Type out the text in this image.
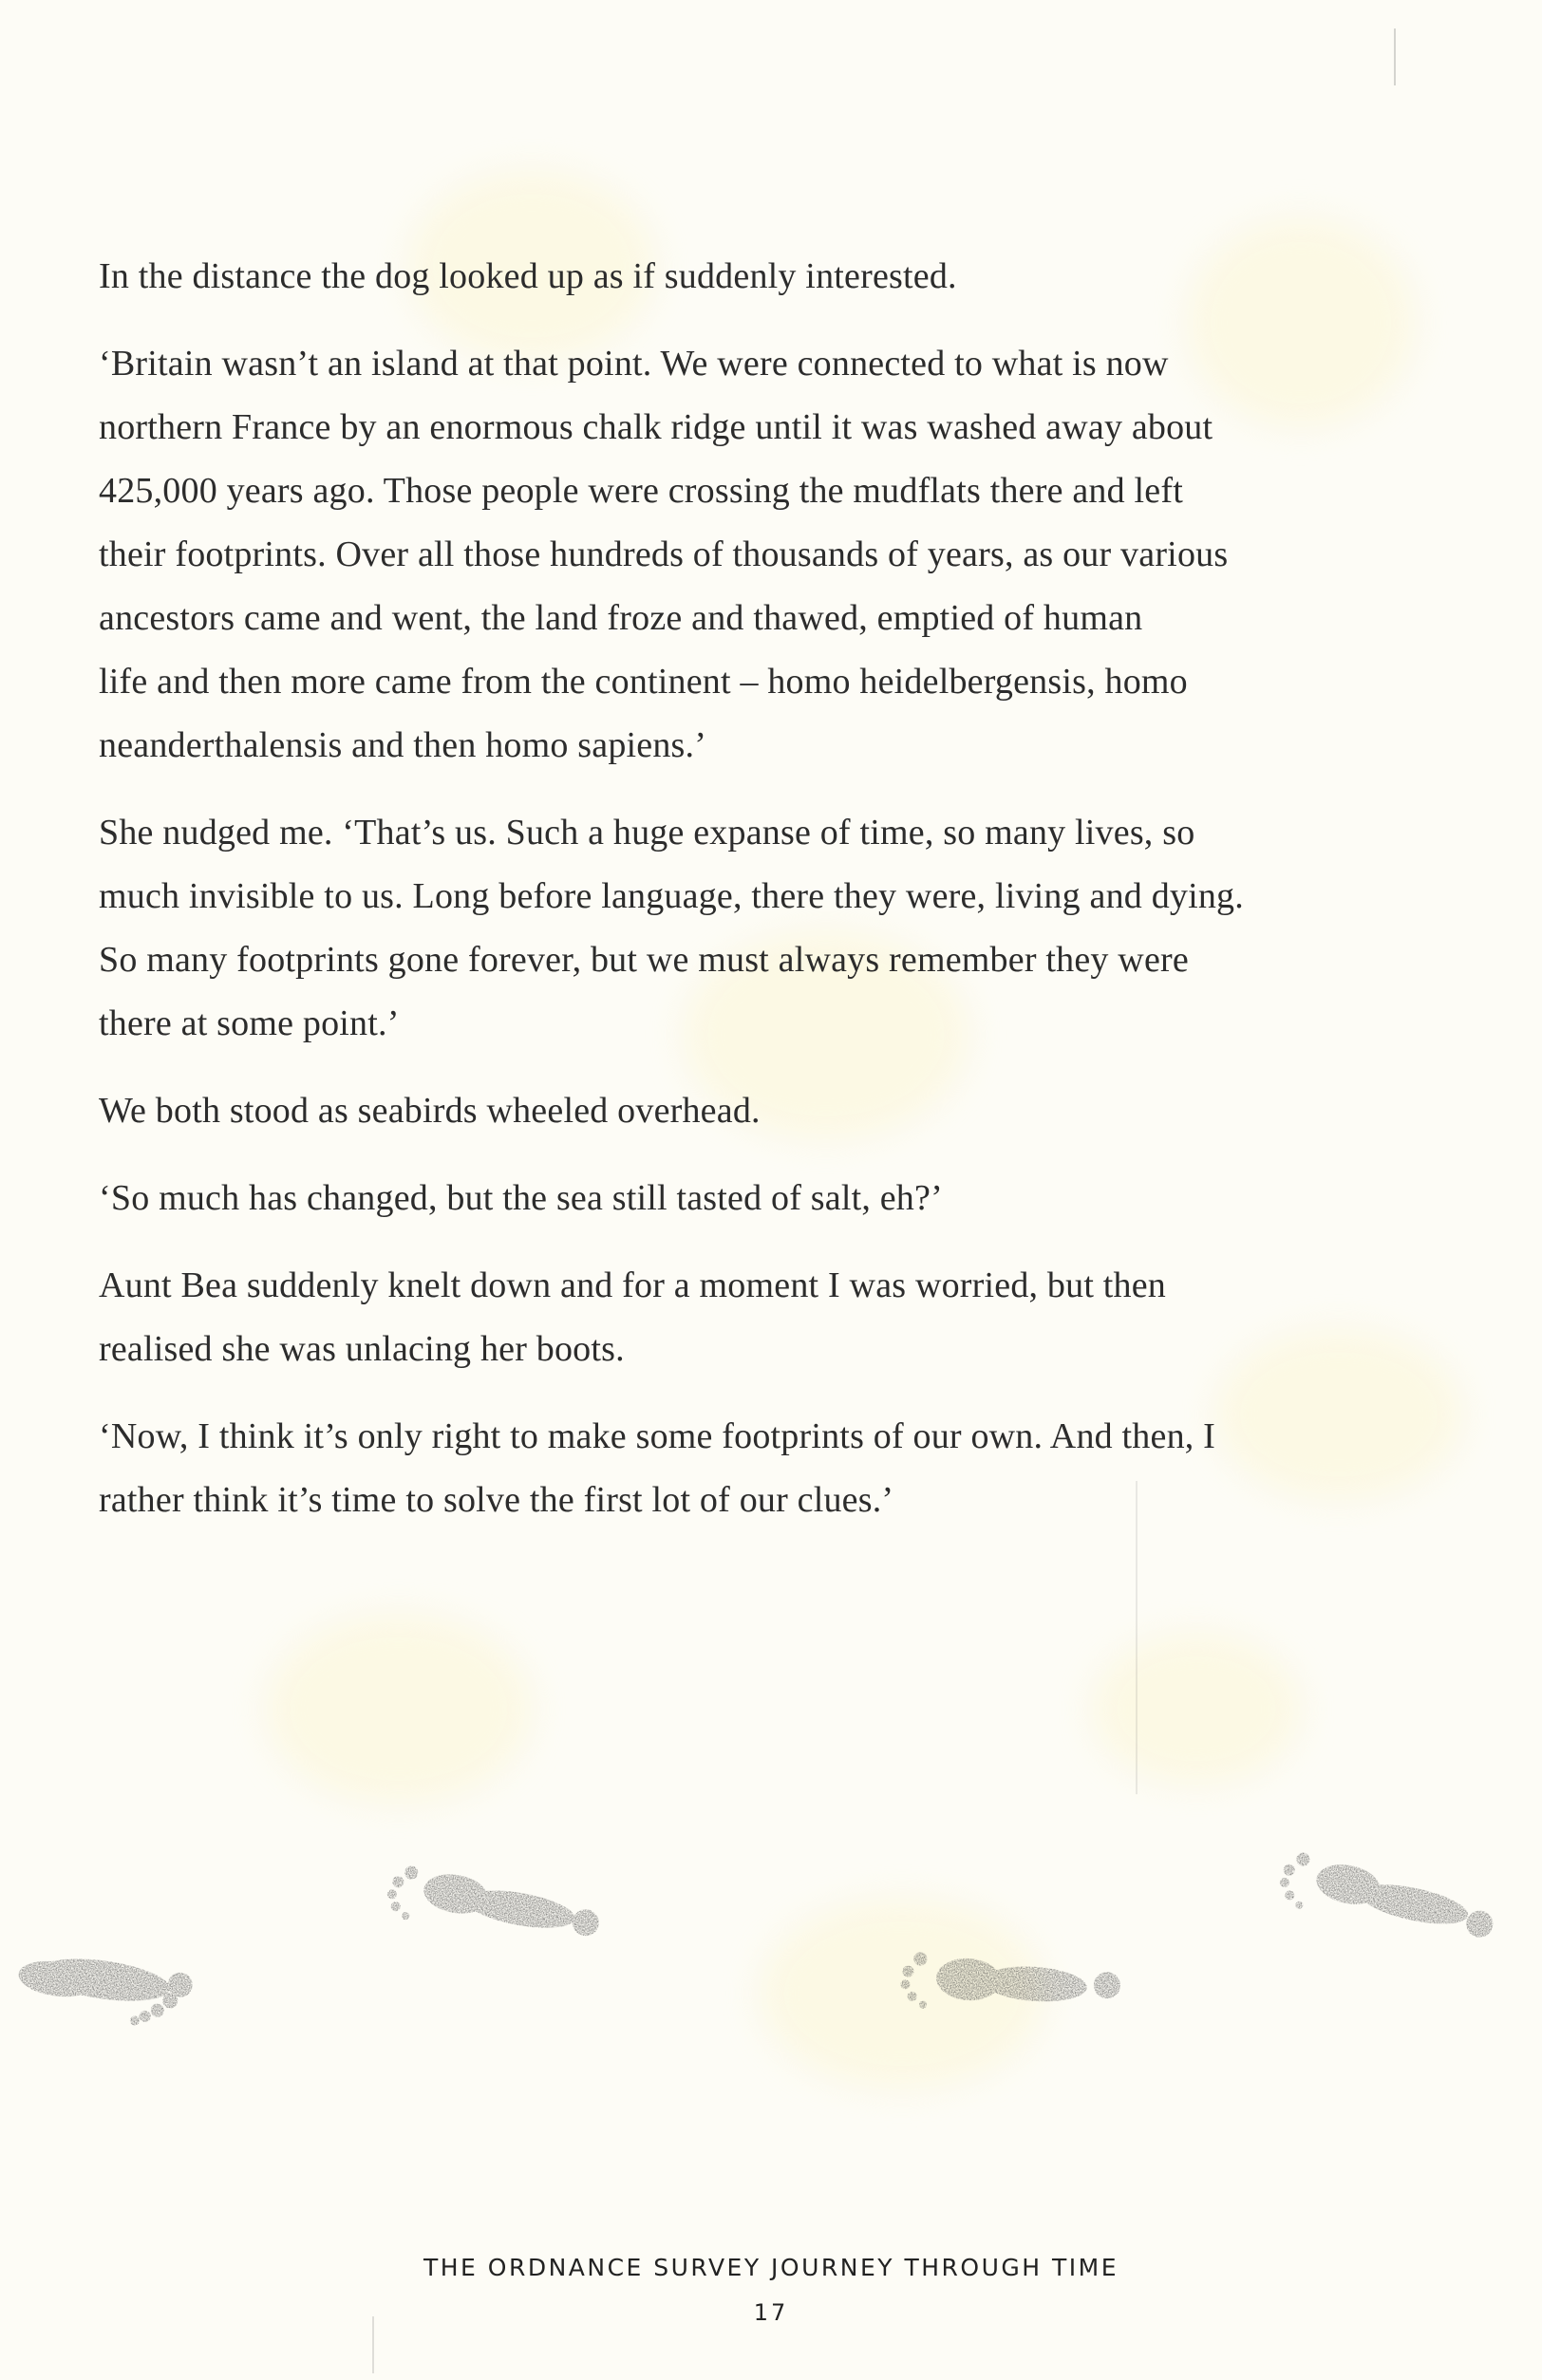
In the distance the dog looked up as if suddenly interested.

‘Britain wasn’t an island at that point. We were connected to what is now
northern France by an enormous chalk ridge until it was washed away about
425,000 years ago. Those people were crossing the mudflats there and left
their footprints. Over all those hundreds of thousands of years, as our various
ancestors came and went, the land froze and thawed, emptied of human
life and then more came from the continent – homo heidelbergensis, homo
neanderthalensis and then homo sapiens.’

She nudged me. ‘That’s us. Such a huge expanse of time, so many lives, so
much invisible to us. Long before language, there they were, living and dying.
So many footprints gone forever, but we must always remember they were
there at some point.’

We both stood as seabirds wheeled overhead.

‘So much has changed, but the sea still tasted of salt, eh?’

Aunt Bea suddenly knelt down and for a moment I was worried, but then
realised she was unlacing her boots.

‘Now, I think it’s only right to make some footprints of our own. And then, I
rather think it’s time to solve the first lot of our clues.’

THE ORDNANCE SURVEY JOURNEY THROUGH TIME
17
